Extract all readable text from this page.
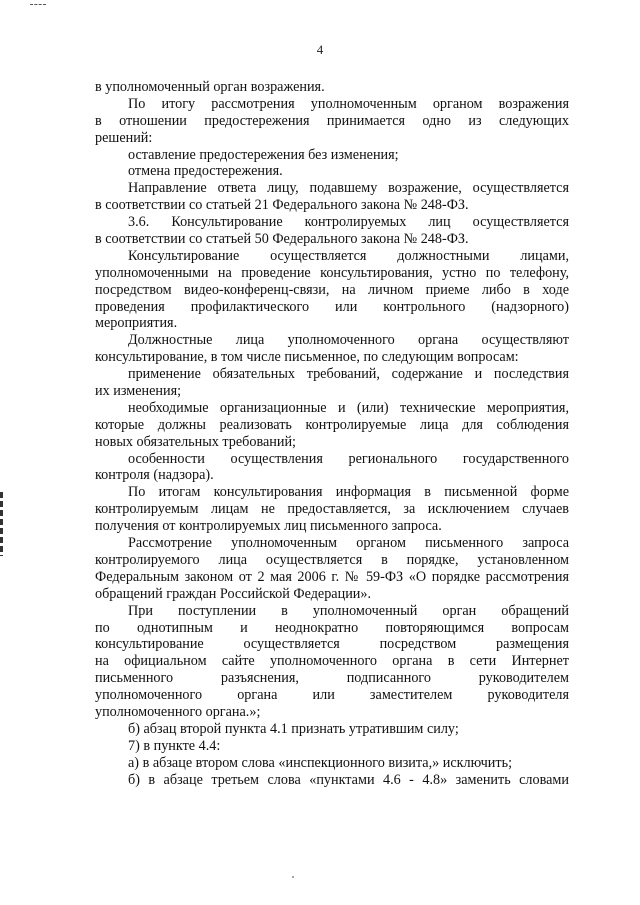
4
в уполномоченный орган возражения.
По итогу рассмотрения уполномоченным органом возражения
в отношении предостережения принимается одно из следующих
решений:
оставление предостережения без изменения;
отмена предостережения.
Направление ответа лицу, подавшему возражение, осуществляется
в соответствии со статьей 21 Федерального закона № 248-ФЗ.
3.6. Консультирование контролируемых лиц осуществляется
в соответствии со статьей 50 Федерального закона № 248-ФЗ.
Консультирование осуществляется должностными лицами,
уполномоченными на проведение консультирования, устно по телефону,
посредством видео-конференц-связи, на личном приеме либо в ходе
проведения профилактического или контрольного (надзорного)
мероприятия.
Должностные лица уполномоченного органа осуществляют
консультирование, в том числе письменное, по следующим вопросам:
применение обязательных требований, содержание и последствия
их изменения;
необходимые организационные и (или) технические мероприятия,
которые должны реализовать контролируемые лица для соблюдения
новых обязательных требований;
особенности осуществления регионального государственного
контроля (надзора).
По итогам консультирования информация в письменной форме
контролируемым лицам не предоставляется, за исключением случаев
получения от контролируемых лиц письменного запроса.
Рассмотрение уполномоченным органом письменного запроса
контролируемого лица осуществляется в порядке, установленном
Федеральным законом от 2 мая 2006 г. № 59-ФЗ «О порядке рассмотрения
обращений граждан Российской Федерации».
При поступлении в уполномоченный орган обращений
по однотипным и неоднократно повторяющимся вопросам
консультирование осуществляется посредством размещения
на официальном сайте уполномоченного органа в сети Интернет
письменного разъяснения, подписанного руководителем
уполномоченного органа или заместителем руководителя
уполномоченного органа.»;
б) абзац второй пункта 4.1 признать утратившим силу;
7) в пункте 4.4:
а) в абзаце втором слова «инспекционного визита,» исключить;
б) в абзаце третьем слова «пунктами 4.6 - 4.8» заменить словами
